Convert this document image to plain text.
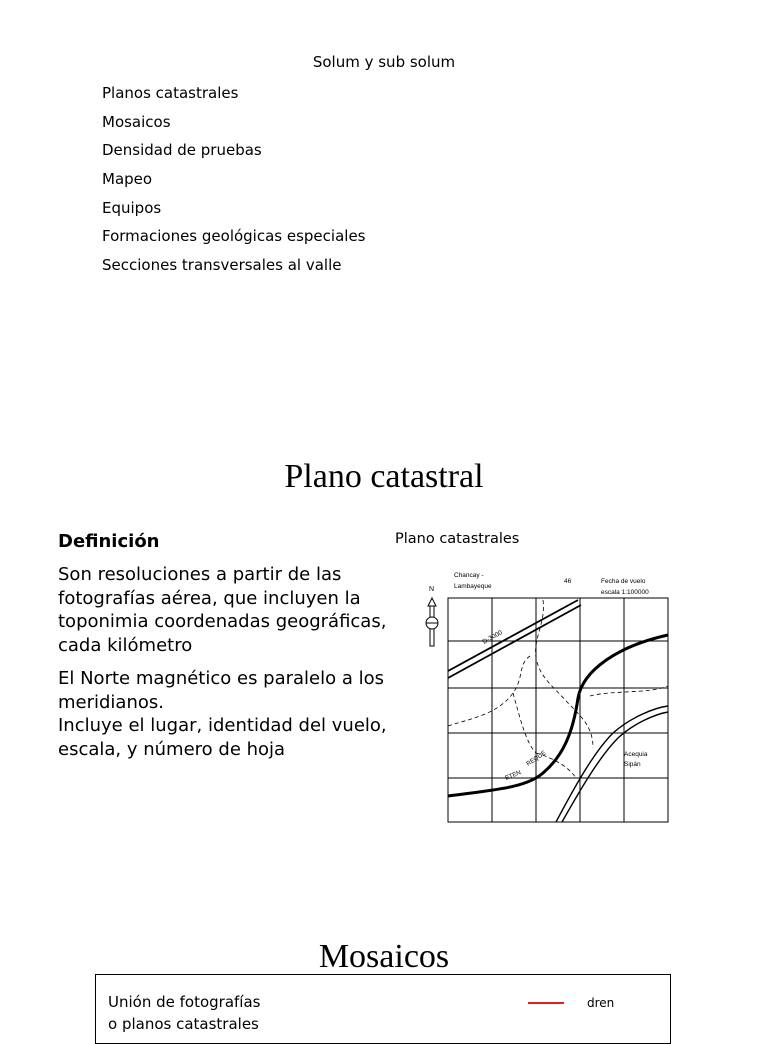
Solum y sub solum
Planos catastrales
Mosaicos
Densidad de pruebas
Mapeo
Equipos
Formaciones geológicas especiales
Secciones transversales al valle
Plano catastral
Definición

Son resoluciones a partir de las fotografías aérea, que incluyen la toponimia coordenadas geográficas, cada kilómetro

El Norte magnético es paralelo a los meridianos.

Incluye el lugar, identidad del vuelo, escala, y número de hoja

Plano catastrales
Chancay -
Lambayeque
46	Fecha de vuelo
escala 1:100000
N
D-3000
ETEN
REQUE	Acequia
Sipán
Mosaicos
Unión de fotografías
o planos catastrales
dren
